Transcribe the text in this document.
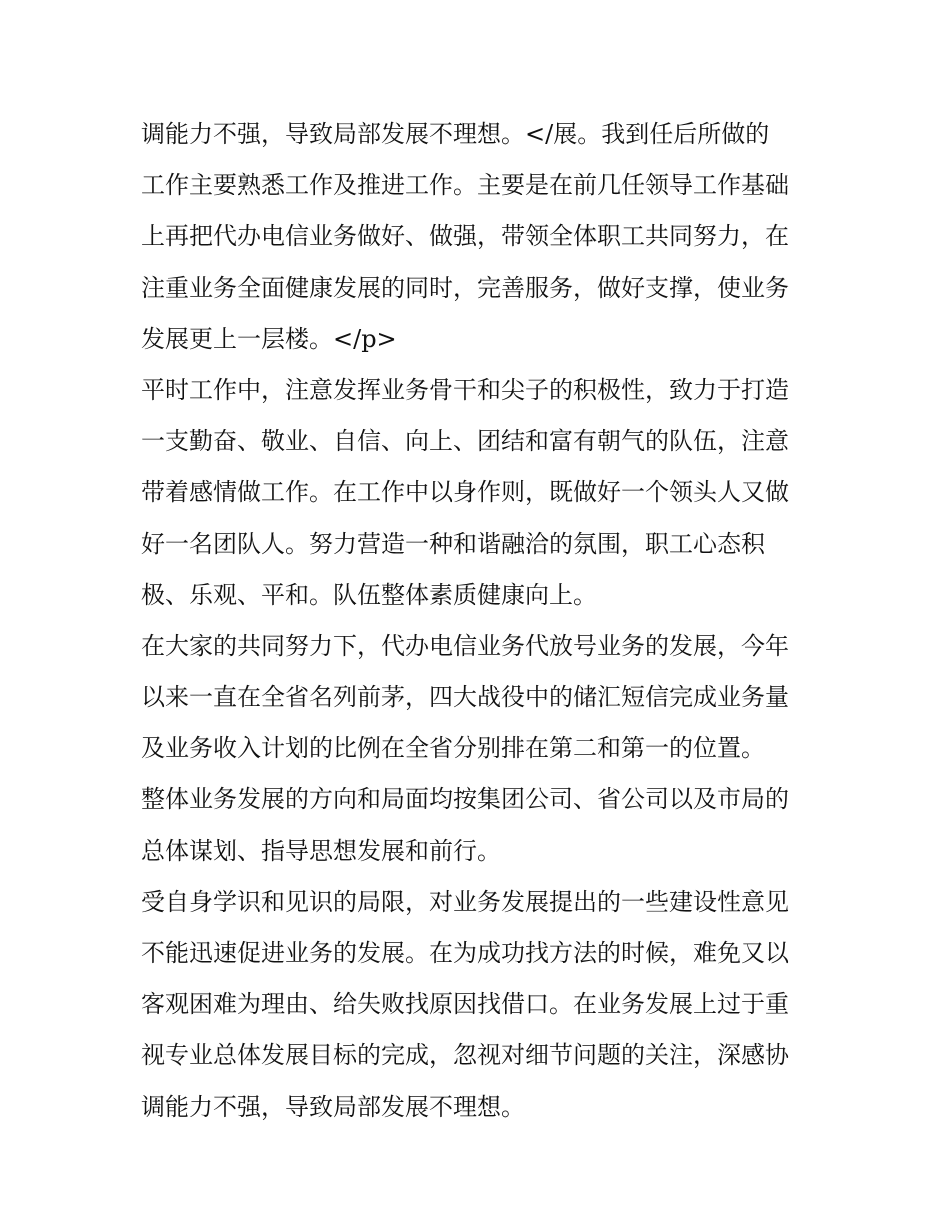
调能力不强，导致局部发展不理想。</展。我到任后所做的
工作主要熟悉工作及推进工作。主要是在前几任领导工作基础
上再把代办电信业务做好、做强，带领全体职工共同努力，在
注重业务全面健康发展的同时，完善服务，做好支撑，使业务
发展更上一层楼。</p>
平时工作中，注意发挥业务骨干和尖子的积极性，致力于打造
一支勤奋、敬业、自信、向上、团结和富有朝气的队伍，注意
带着感情做工作。在工作中以身作则，既做好一个领头人又做
好一名团队人。努力营造一种和谐融洽的氛围，职工心态积
极、乐观、平和。队伍整体素质健康向上。
在大家的共同努力下，代办电信业务代放号业务的发展，今年
以来一直在全省名列前茅，四大战役中的储汇短信完成业务量
及业务收入计划的比例在全省分别排在第二和第一的位置。
整体业务发展的方向和局面均按集团公司、省公司以及市局的
总体谋划、指导思想发展和前行。
受自身学识和见识的局限，对业务发展提出的一些建设性意见
不能迅速促进业务的发展。在为成功找方法的时候，难免又以
客观困难为理由、给失败找原因找借口。在业务发展上过于重
视专业总体发展目标的完成，忽视对细节问题的关注，深感协
调能力不强，导致局部发展不理想。
